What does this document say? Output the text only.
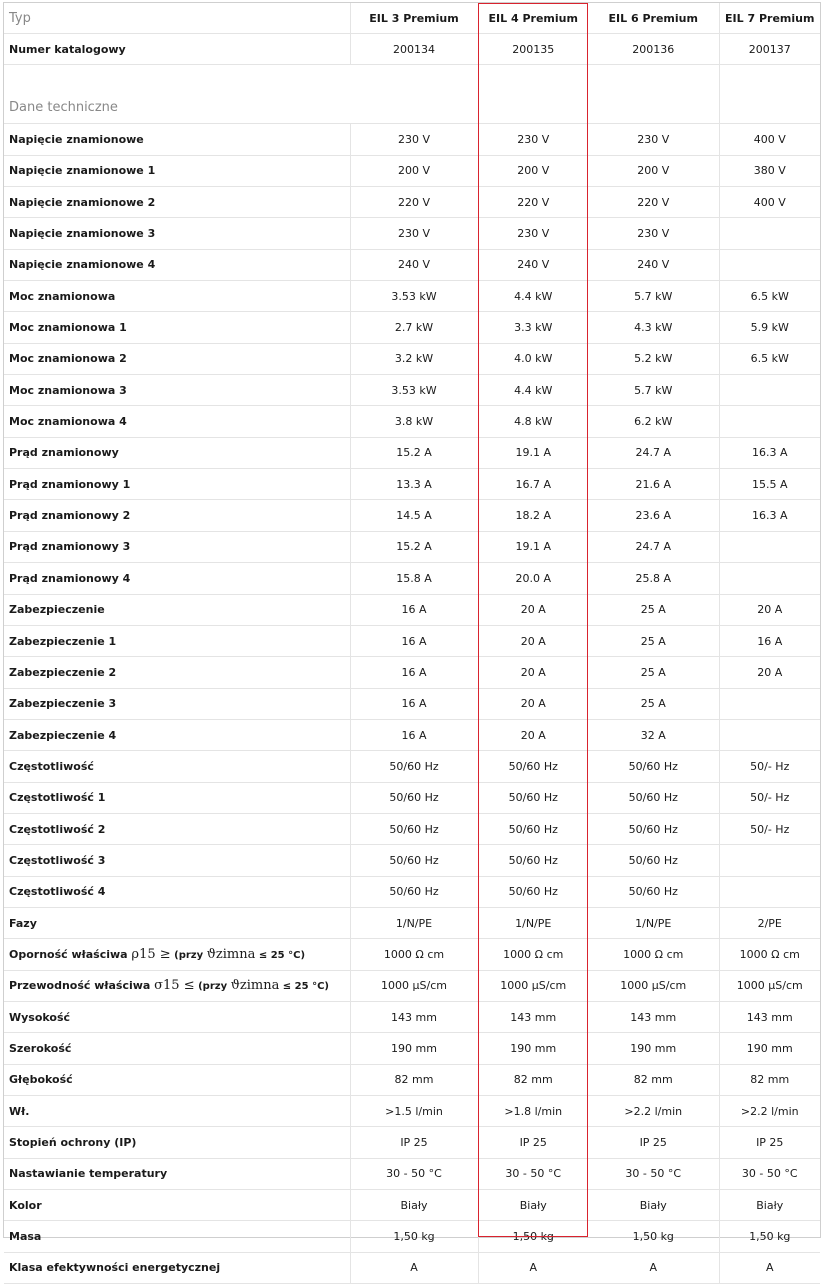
Typ	EIL 3 Premium	EIL 4 Premium	EIL 6 Premium	EIL 7 Premium
Numer katalogowy	200134	200135	200136	200137
Dane techniczne				
Napięcie znamionowe	230 V	230 V	230 V	400 V
Napięcie znamionowe 1	200 V	200 V	200 V	380 V
Napięcie znamionowe 2	220 V	220 V	220 V	400 V
Napięcie znamionowe 3	230 V	230 V	230 V	
Napięcie znamionowe 4	240 V	240 V	240 V	
Moc znamionowa	3.53 kW	4.4 kW	5.7 kW	6.5 kW
Moc znamionowa 1	2.7 kW	3.3 kW	4.3 kW	5.9 kW
Moc znamionowa 2	3.2 kW	4.0 kW	5.2 kW	6.5 kW
Moc znamionowa 3	3.53 kW	4.4 kW	5.7 kW	
Moc znamionowa 4	3.8 kW	4.8 kW	6.2 kW	
Prąd znamionowy	15.2 A	19.1 A	24.7 A	16.3 A
Prąd znamionowy 1	13.3 A	16.7 A	21.6 A	15.5 A
Prąd znamionowy 2	14.5 A	18.2 A	23.6 A	16.3 A
Prąd znamionowy 3	15.2 A	19.1 A	24.7 A	
Prąd znamionowy 4	15.8 A	20.0 A	25.8 A	
Zabezpieczenie	16 A	20 A	25 A	20 A
Zabezpieczenie 1	16 A	20 A	25 A	16 A
Zabezpieczenie 2	16 A	20 A	25 A	20 A
Zabezpieczenie 3	16 A	20 A	25 A	
Zabezpieczenie 4	16 A	20 A	32 A	
Częstotliwość	50/60 Hz	50/60 Hz	50/60 Hz	50/- Hz
Częstotliwość 1	50/60 Hz	50/60 Hz	50/60 Hz	50/- Hz
Częstotliwość 2	50/60 Hz	50/60 Hz	50/60 Hz	50/- Hz
Częstotliwość 3	50/60 Hz	50/60 Hz	50/60 Hz	
Częstotliwość 4	50/60 Hz	50/60 Hz	50/60 Hz	
Fazy	1/N/PE	1/N/PE	1/N/PE	2/PE
Oporność właściwa ρ15 ≥ (przy ϑzimna ≤ 25 °C)	1000 Ω cm	1000 Ω cm	1000 Ω cm	1000 Ω cm
Przewodność właściwa σ15 ≤ (przy ϑzimna ≤ 25 °C)	1000 μS/cm	1000 μS/cm	1000 μS/cm	1000 μS/cm
Wysokość	143 mm	143 mm	143 mm	143 mm
Szerokość	190 mm	190 mm	190 mm	190 mm
Głębokość	82 mm	82 mm	82 mm	82 mm
Wł.	>1.5 l/min	>1.8 l/min	>2.2 l/min	>2.2 l/min
Stopień ochrony (IP)	IP 25	IP 25	IP 25	IP 25
Nastawianie temperatury	30 - 50 °C	30 - 50 °C	30 - 50 °C	30 - 50 °C
Kolor	Biały	Biały	Biały	Biały
Masa	1,50 kg	1,50 kg	1,50 kg	1,50 kg
Klasa efektywności energetycznej	A	A	A	A
